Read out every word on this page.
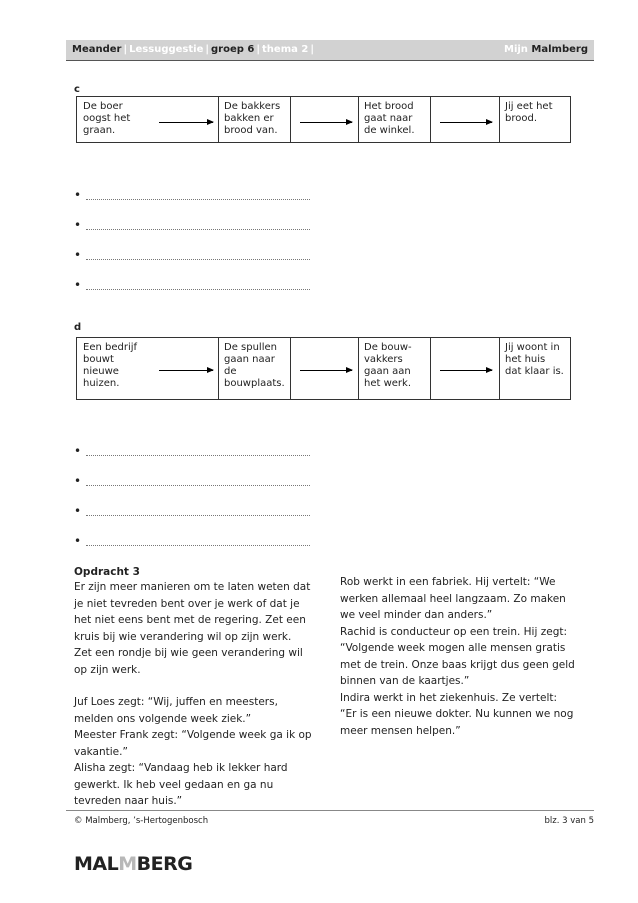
Meander | Lessuggestie | groep 6 | thema 2 |	Mijn Malmberg
c
De boer oogst het graan.
De bakkers bakken er brood van.
Het brood gaat naar de winkel.
Jij eet het brood.
•
•
•
•
d
Een bedrijf bouwt nieuwe huizen.
De spullen gaan naar de bouwplaats.
De bouw-vakkers gaan aan het werk.
Jij woont in het huis dat klaar is.
•
•
•
•
Opdracht 3

Er zijn meer manieren om te laten weten dat je niet tevreden bent over je werk of dat je het niet eens bent met de regering. Zet een kruis bij wie verandering wil op zijn werk. Zet een rondje bij wie geen verandering wil op zijn werk.

Juf Loes zegt: “Wij, juffen en meesters, melden ons volgende week ziek.”

Meester Frank zegt: “Volgende week ga ik op vakantie.”

Alisha zegt: “Vandaag heb ik lekker hard gewerkt. Ik heb veel gedaan en ga nu tevreden naar huis.”

Rob werkt in een fabriek. Hij vertelt: “We werken allemaal heel langzaam. Zo maken we veel minder dan anders.”

Rachid is conducteur op een trein. Hij zegt: “Volgende week mogen alle mensen gratis met de trein. Onze baas krijgt dus geen geld binnen van de kaartjes.”

Indira werkt in het ziekenhuis. Ze vertelt: “Er is een nieuwe dokter. Nu kunnen we nog meer mensen helpen.”

© Malmberg, ’s-Hertogenbosch	blz. 3 van 5
MALMBERG
